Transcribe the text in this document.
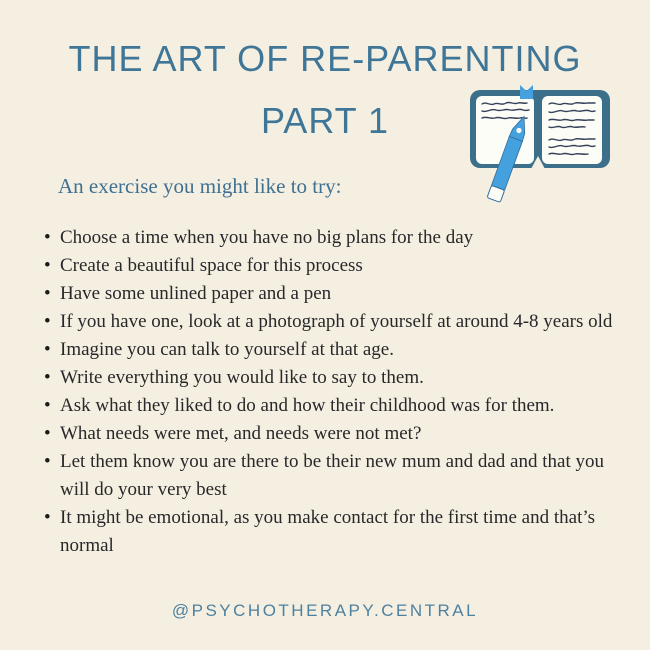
THE ART OF RE-PARENTING
PART 1
An exercise you might like to try:
• Choose a time when you have no big plans for the day
• Create a beautiful space for this process
• Have some unlined paper and a pen
• If you have one, look at a photograph of yourself at around 4-8 years old
• Imagine you can talk to yourself at that age.
• Write everything you would like to say to them.
• Ask what they liked to do and how their childhood was for them.
• What needs were met, and needs were not met?
• Let them know you are there to be their new mum and dad and that you will do your very best
• It might be emotional, as you make contact for the first time and that’s normal
@PSYCHOTHERAPY.CENTRAL
